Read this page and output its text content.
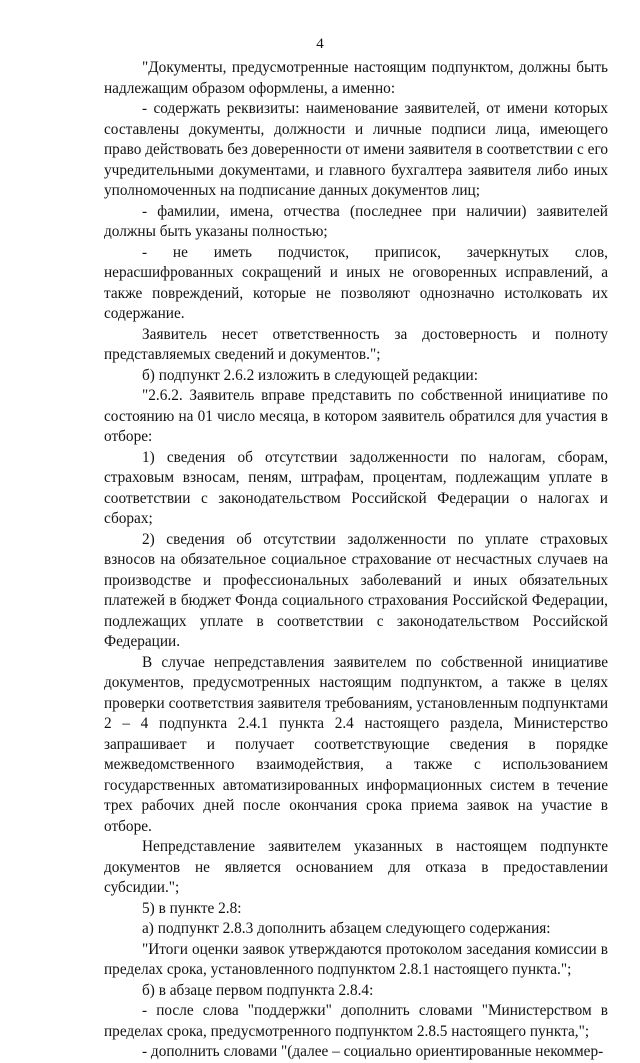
4

"Документы, предусмотренные настоящим подпунктом, должны быть надлежащим образом оформлены, а именно:

- содержать реквизиты: наименование заявителей, от имени которых составлены документы, должности и личные подписи лица, имеющего право действовать без доверенности от имени заявителя в соответствии с его учредительными документами, и главного бухгалтера заявителя либо иных уполномоченных на подписание данных документов лиц;

- фамилии, имена, отчества (последнее при наличии) заявителей должны быть указаны полностью;

- не иметь подчисток, приписок, зачеркнутых слов, нерасшифрованных сокращений и иных не оговоренных исправлений, а также повреждений, которые не позволяют однозначно истолковать их содержание.

Заявитель несет ответственность за достоверность и полноту представляемых сведений и документов.";

б) подпункт 2.6.2 изложить в следующей редакции:

"2.6.2. Заявитель вправе представить по собственной инициативе по состоянию на 01 число месяца, в котором заявитель обратился для участия в отборе:

1) сведения об отсутствии задолженности по налогам, сборам, страховым взносам, пеням, штрафам, процентам, подлежащим уплате в соответствии с законодательством Российской Федерации о налогах и сборах;

2) сведения об отсутствии задолженности по уплате страховых взносов на обязательное социальное страхование от несчастных случаев на производстве и профессиональных заболеваний и иных обязательных платежей в бюджет Фонда социального страхования Российской Федерации, подлежащих уплате в соответствии с законодательством Российской Федерации.

В случае непредставления заявителем по собственной инициативе документов, предусмотренных настоящим подпунктом, а также в целях проверки соответствия заявителя требованиям, установленным подпунктами 2 – 4 подпункта 2.4.1 пункта 2.4 настоящего раздела, Министерство запрашивает и получает соответствующие сведения в порядке межведомственного взаимодействия, а также с использованием государственных автоматизированных информационных систем в течение трех рабочих дней после окончания срока приема заявок на участие в отборе.

Непредставление заявителем указанных в настоящем подпункте документов не является основанием для отказа в предоставлении субсидии.";

5) в пункте 2.8:

а) подпункт 2.8.3 дополнить абзацем следующего содержания:

"Итоги оценки заявок утверждаются протоколом заседания комиссии в пределах срока, установленного подпунктом 2.8.1 настоящего пункта.";

б) в абзаце первом подпункта 2.8.4:

- после слова "поддержки" дополнить словами "Министерством в пределах срока, предусмотренного подпунктом 2.8.5 настоящего пункта,";

- дополнить словами "(далее – социально ориентированные некоммер-
